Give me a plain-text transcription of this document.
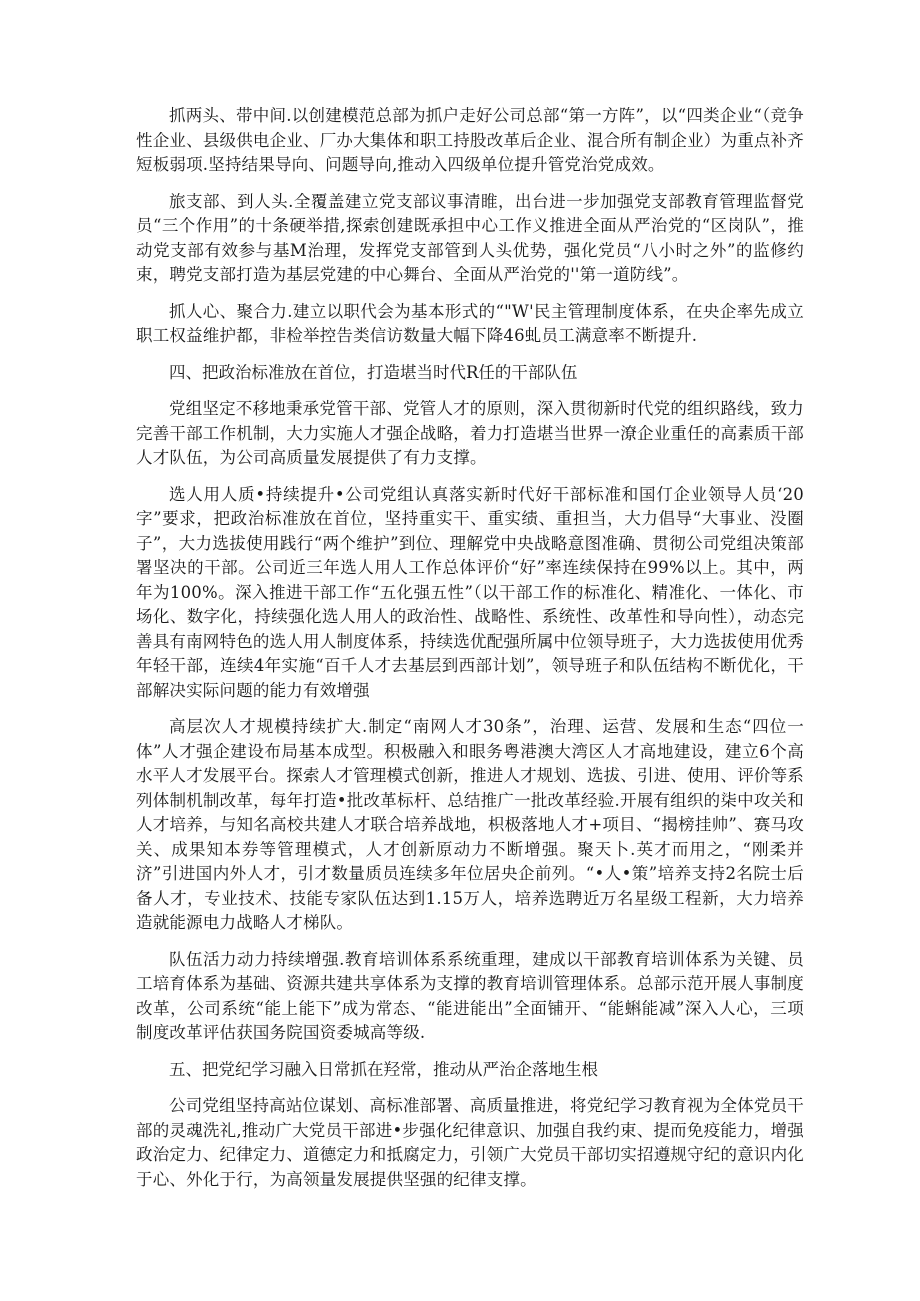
抓两头、带中间.以创建模范总部为抓户走好公司总部“第一方阵”，以“四类企业“（竞争性企业、县级供电企业、厂办大集体和职工持股改革后企业、混合所有制企业）为重点补齐短板弱项.坚持结果导向、问题导向,推动入四级单位提升管党治党成效。

旅支部、到人头.全覆盖建立党支部议事清睢，出台进一步加强党支部教育管理监督党员“三个作用”的十条硬举措,探索创建既承担中心工作义推进全面从严治党的“区岗队”，推动党支部有效参与基M治理，发挥党支部管到人头优势，强化党员“八小时之外”的监修约束，聘党支部打造为基层党建的中心舞台、全面从严治党的''第一道防线”。

抓人心、聚合力.建立以职代会为基本形式的“"W'民主管理制度体系，在央企率先成立职工权益维护都，非检举控告类信访数量大幅下降46虬员工满意率不断提升.

四、把政治标准放在首位，打造堪当时代R任的干部队伍

党组坚定不移地秉承党管干部、党管人才的原则，深入贯彻新时代党的组织路线，致力完善干部工作机制，大力实施人才强企战略，着力打造堪当世界一潦企业重任的高素质干部人才队伍，为公司高质量发展提供了有力支撑。

选人用人质•持续提升•公司党组认真落实新时代好干部标准和国仃企业领导人员‘20字”要求，把政治标准放在首位，坚持重实干、重实绩、重担当，大力倡导“大事业、没圈子”，大力选拔使用践行“两个维护”到位、理解党中央战略意图准确、贯彻公司党组决策部署坚决的干部。公司近三年选人用人工作总体评价“好”率连续保持在99%以上。其中，两年为100%。深入推进干部工作“五化强五性”（以干部工作的标准化、精准化、一体化、市场化、数字化，持续强化选人用人的政治性、战略性、系统性、改革性和导向性），动态完善具有南网特色的选人用人制度体系，持续选优配强所属中位领导班子，大力选拔使用优秀年轻干部，连续4年实施“百千人才去基层到西部计划”，领导班子和队伍结构不断优化，干部解决实际问题的能力有效增强

高层次人才规模持续扩大.制定“南网人才30条”，治理、运营、发展和生态“四位一体”人才强企建设布局基本成型。积极融入和眼务粤港澳大湾区人才高地建设，建立6个高水平人才发展平台。探索人才管理模式创新，推进人才规划、选拔、引进、使用、评价等系列体制机制改革，每年打造•批改革标杆、总结推广一批改革经验.开展有组织的柒中攻关和人才培养，与知名高校共建人才联合培养战地，枳极落地人才+项目、“揭榜挂帅”、赛马攻关、成果知本券等管理模式，人才创新原动力不断增强。聚天卜.英才而用之，“刚柔并济”引进国内外人才，引才数量质员连续多年位居央企前列。“•人•策”培养支持2名院士后备人才，专业技术、技能专家队伍达到1.15万人，培养选聘近万名星级工程新，大力培养造就能源电力战略人才梯队。

队伍活力动力持续增强.教育培训体系系统重理，建成以干部教育培训体系为关键、员工培育体系为基础、资源共建共享体系为支撑的教育培训管理体系。总部示范开展人事制度改革，公司系统“能上能下”成为常态、“能进能出”全面铺开、“能蝌能减”深入人心，三项制度改革评估获国务院国资委城高等级.

五、把党纪学习融入日常抓在羟常，推动从严治企落地生根

公司党组坚持高站位谋划、高标准部署、高质量推进，将党纪学习教育视为全体党员干部的灵魂洗礼,推动广大党员干部进•步强化纪律意识、加强自我约束、提而免疫能力，增强政治定力、纪律定力、道德定力和抵腐定力，引领广大党员干部切实招遵规守纪的意识内化于心、外化于行，为高领量发展提供坚强的纪律支撑。
